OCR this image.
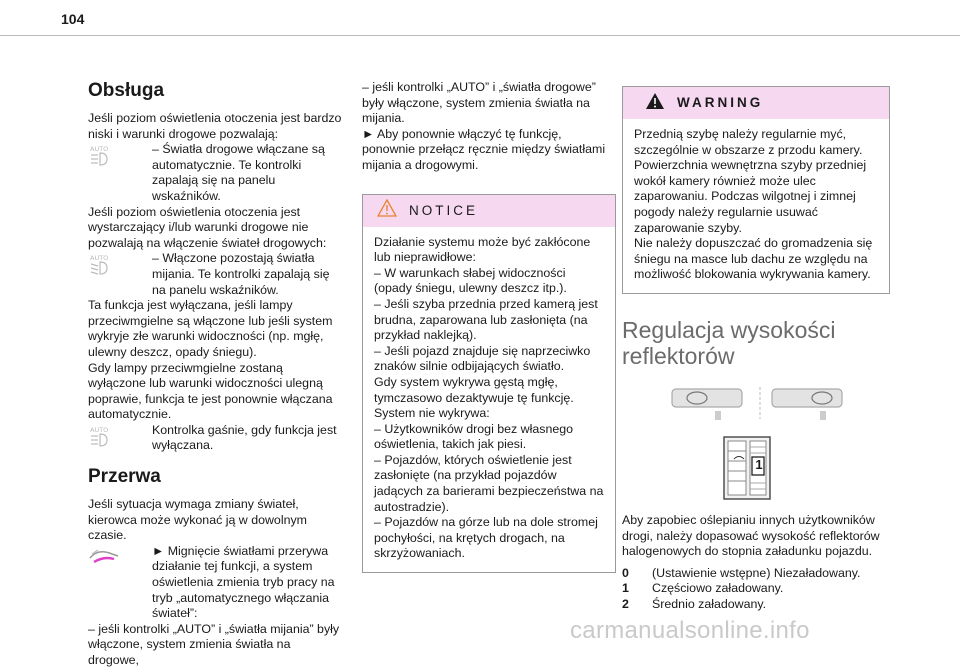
104
Obsługa

Jeśli poziom oświetlenia otoczenia jest bardzo niski i warunki drogowe pozwalają:

AUTO	– Światła drogowe włączane są automatycznie. Te kontrolki zapalają się na panelu wskaźników.

Jeśli poziom oświetlenia otoczenia jest wystarczający i/lub warunki drogowe nie pozwalają na włączenie świateł drogowych:

AUTO	– Włączone pozostają światła mijania. Te kontrolki zapalają się na panelu wskaźników.

Ta funkcja jest wyłączana, jeśli lampy przeciwmgielne są włączone lub jeśli system wykryje złe warunki widoczności (np. mgłę, ulewny deszcz, opady śniegu).

Gdy lampy przeciwmgielne zostaną wyłączone lub warunki widoczności ulegną poprawie, funkcja te jest ponownie włączana automatycznie.

AUTO	Kontrolka gaśnie, gdy funkcja jest wyłączana.
Przerwa

Jeśli sytuacja wymaga zmiany świateł, kierowca może wykonać ją w dowolnym czasie.

► Mignięcie światłami przerywa działanie tej funkcji, a system oświetlenia zmienia tryb pracy na tryb „automatycznego włączania świateł”:

– jeśli kontrolki „AUTO” i „światła mijania” były włączone, system zmienia światła na drogowe,

– jeśli kontrolki „AUTO” i „światła drogowe” były włączone, system zmienia światła na mijania.

► Aby ponownie włączyć tę funkcję, ponownie przełącz ręcznie między światłami mijania a drogowymi.

NOTICE

Działanie systemu może być zakłócone lub nieprawidłowe:

– W warunkach słabej widoczności (opady śniegu, ulewny deszcz itp.).

– Jeśli szyba przednia przed kamerą jest brudna, zaparowana lub zasłonięta (na przykład naklejką).

– Jeśli pojazd znajduje się naprzeciwko znaków silnie odbijających światło.

Gdy system wykrywa gęstą mgłę, tymczasowo dezaktywuje tę funkcję.

System nie wykrywa:

– Użytkowników drogi bez własnego oświetlenia, takich jak piesi.

– Pojazdów, których oświetlenie jest zasłonięte (na przykład pojazdów jadących za barierami bezpieczeństwa na autostradzie).

– Pojazdów na górze lub na dole stromej pochyłości, na krętych drogach, na skrzyżowaniach.

WARNING

Przednią szybę należy regularnie myć, szczególnie w obszarze z przodu kamery.

Powierzchnia wewnętrzna szyby przedniej wokół kamery również może ulec zaparowaniu. Podczas wilgotnej i zimnej pogody należy regularnie usuwać zaparowanie szyby.

Nie należy dopuszczać do gromadzenia się śniegu na masce lub dachu ze względu na możliwość blokowania wykrywania kamery.

Regulacja wysokości reflektorów
1

Aby zapobiec oślepianiu innych użytkowników drogi, należy dopasować wysokość reflektorów halogenowych do stopnia załadunku pojazdu.

0	(Ustawienie wstępne) Niezaładowany.
1	Częściowo załadowany.
2	Średnio załadowany.
carmanualsonline.info
